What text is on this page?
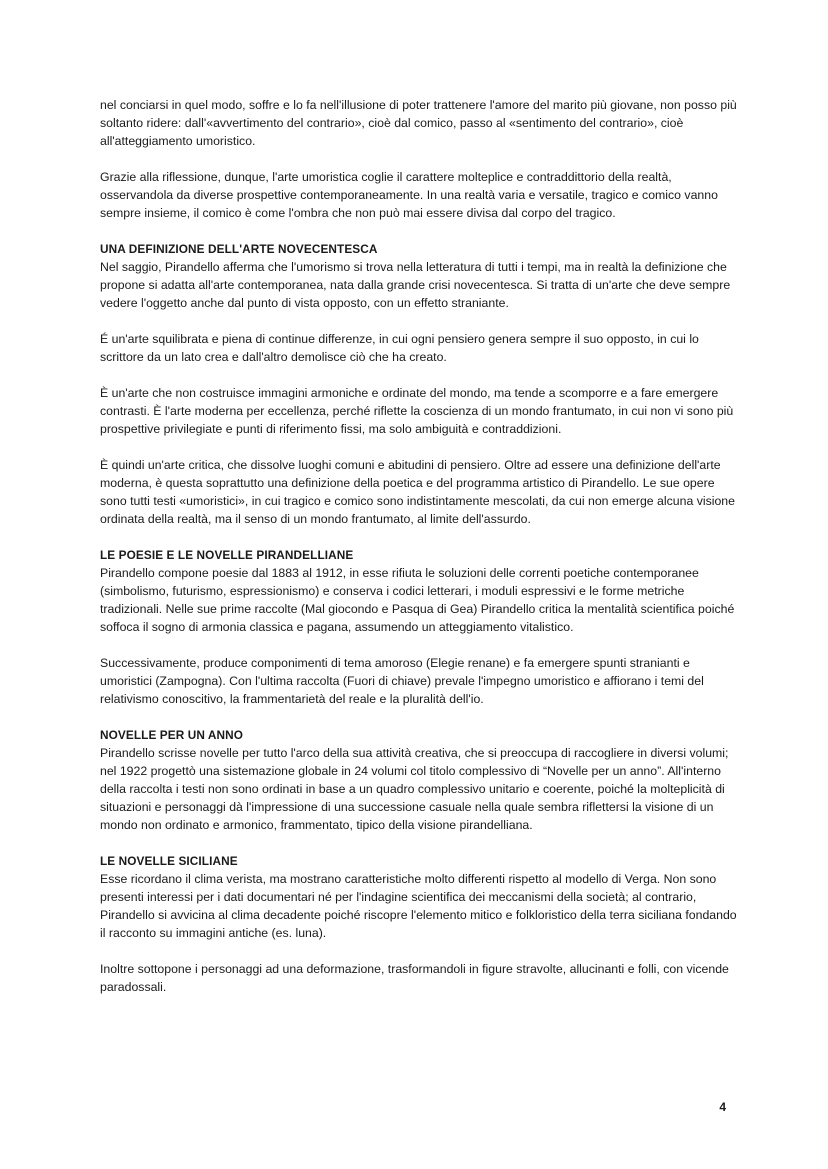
nel conciarsi in quel modo, soffre e lo fa nell'illusione di poter trattenere l'amore del marito più giovane, non posso più soltanto ridere: dall'«avvertimento del contrario», cioè dal comico, passo al «sentimento del contrario», cioè all'atteggiamento umoristico.

Grazie alla riflessione, dunque, l'arte umoristica coglie il carattere molteplice e contraddittorio della realtà, osservandola da diverse prospettive contemporaneamente. In una realtà varia e versatile, tragico e comico vanno sempre insieme, il comico è come l'ombra che non può mai essere divisa dal corpo del tragico.

UNA DEFINIZIONE DELL'ARTE NOVECENTESCA

Nel saggio, Pirandello afferma che l'umorismo si trova nella letteratura di tutti i tempi, ma in realtà la definizione che propone si adatta all'arte contemporanea, nata dalla grande crisi novecentesca. Si tratta di un'arte che deve sempre vedere l'oggetto anche dal punto di vista opposto, con un effetto straniante.

É un'arte squilibrata e piena di continue differenze, in cui ogni pensiero genera sempre il suo opposto, in cui lo scrittore da un lato crea e dall'altro demolisce ciò che ha creato.

È un'arte che non costruisce immagini armoniche e ordinate del mondo, ma tende a scomporre e a fare emergere contrasti. È l'arte moderna per eccellenza, perché riflette la coscienza di un mondo frantumato, in cui non vi sono più prospettive privilegiate e punti di riferimento fissi, ma solo ambiguità e contraddizioni.

È quindi un'arte critica, che dissolve luoghi comuni e abitudini di pensiero. Oltre ad essere una definizione dell'arte moderna, è questa soprattutto una definizione della poetica e del programma artistico di Pirandello. Le sue opere sono tutti testi «umoristici», in cui tragico e comico sono indistintamente mescolati, da cui non emerge alcuna visione ordinata della realtà, ma il senso di un mondo frantumato, al limite dell'assurdo.

LE POESIE E LE NOVELLE PIRANDELLIANE

Pirandello compone poesie dal 1883 al 1912, in esse rifiuta le soluzioni delle correnti poetiche contemporanee (simbolismo, futurismo, espressionismo) e conserva i codici letterari, i moduli espressivi e le forme metriche tradizionali. Nelle sue prime raccolte (Mal giocondo e Pasqua di Gea) Pirandello critica la mentalità scientifica poiché soffoca il sogno di armonia classica e pagana, assumendo un atteggiamento vitalistico.

Successivamente, produce componimenti di tema amoroso (Elegie renane) e fa emergere spunti stranianti e umoristici (Zampogna). Con l'ultima raccolta (Fuori di chiave) prevale l'impegno umoristico e affiorano i temi del relativismo conoscitivo, la frammentarietà del reale e la pluralità dell'io.

NOVELLE PER UN ANNO

Pirandello scrisse novelle per tutto l'arco della sua attività creativa, che si preoccupa di raccogliere in diversi volumi; nel 1922 progettò una sistemazione globale in 24 volumi col titolo complessivo di “Novelle per un anno”. All'interno della raccolta i testi non sono ordinati in base a un quadro complessivo unitario e coerente, poiché la molteplicità di situazioni e personaggi dà l'impressione di una successione casuale nella quale sembra riflettersi la visione di un mondo non ordinato e armonico, frammentato, tipico della visione pirandelliana.

LE NOVELLE SICILIANE

Esse ricordano il clima verista, ma mostrano caratteristiche molto differenti rispetto al modello di Verga. Non sono presenti interessi per i dati documentari né per l'indagine scientifica dei meccanismi della società; al contrario, Pirandello si avvicina al clima decadente poiché riscopre l'elemento mitico e folkloristico della terra siciliana fondando il racconto su immagini antiche (es. luna).

Inoltre sottopone i personaggi ad una deformazione, trasformandoli in figure stravolte, allucinanti e folli, con vicende paradossali.

4
